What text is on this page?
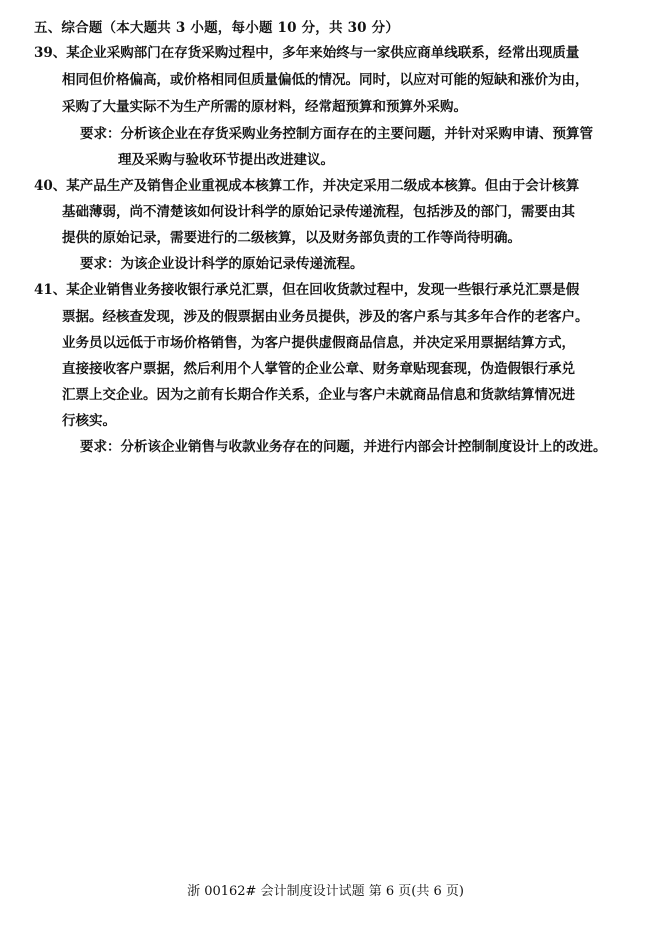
五、综合题（本大题共 3 小题，每小题 10 分，共 30 分）
39、某企业采购部门在存货采购过程中，多年来始终与一家供应商单线联系，经常出现质量
相同但价格偏高，或价格相同但质量偏低的情况。同时，以应对可能的短缺和涨价为由，
采购了大量实际不为生产所需的原材料，经常超预算和预算外采购。
要求：分析该企业在存货采购业务控制方面存在的主要问题，并针对采购申请、预算管
理及采购与验收环节提出改进建议。
40、某产品生产及销售企业重视成本核算工作，并决定采用二级成本核算。但由于会计核算
基础薄弱，尚不清楚该如何设计科学的原始记录传递流程，包括涉及的部门，需要由其
提供的原始记录，需要进行的二级核算，以及财务部负责的工作等尚待明确。
要求：为该企业设计科学的原始记录传递流程。
41、某企业销售业务接收银行承兑汇票，但在回收货款过程中，发现一些银行承兑汇票是假
票据。经核查发现，涉及的假票据由业务员提供，涉及的客户系与其多年合作的老客户。
业务员以远低于市场价格销售，为客户提供虚假商品信息，并决定采用票据结算方式，
直接接收客户票据，然后利用个人掌管的企业公章、财务章贴现套现，伪造假银行承兑
汇票上交企业。因为之前有长期合作关系，企业与客户未就商品信息和货款结算情况进
行核实。
要求：分析该企业销售与收款业务存在的问题，并进行内部会计控制制度设计上的改进。
浙 00162# 会计制度设计试题 第 6 页(共 6 页)
